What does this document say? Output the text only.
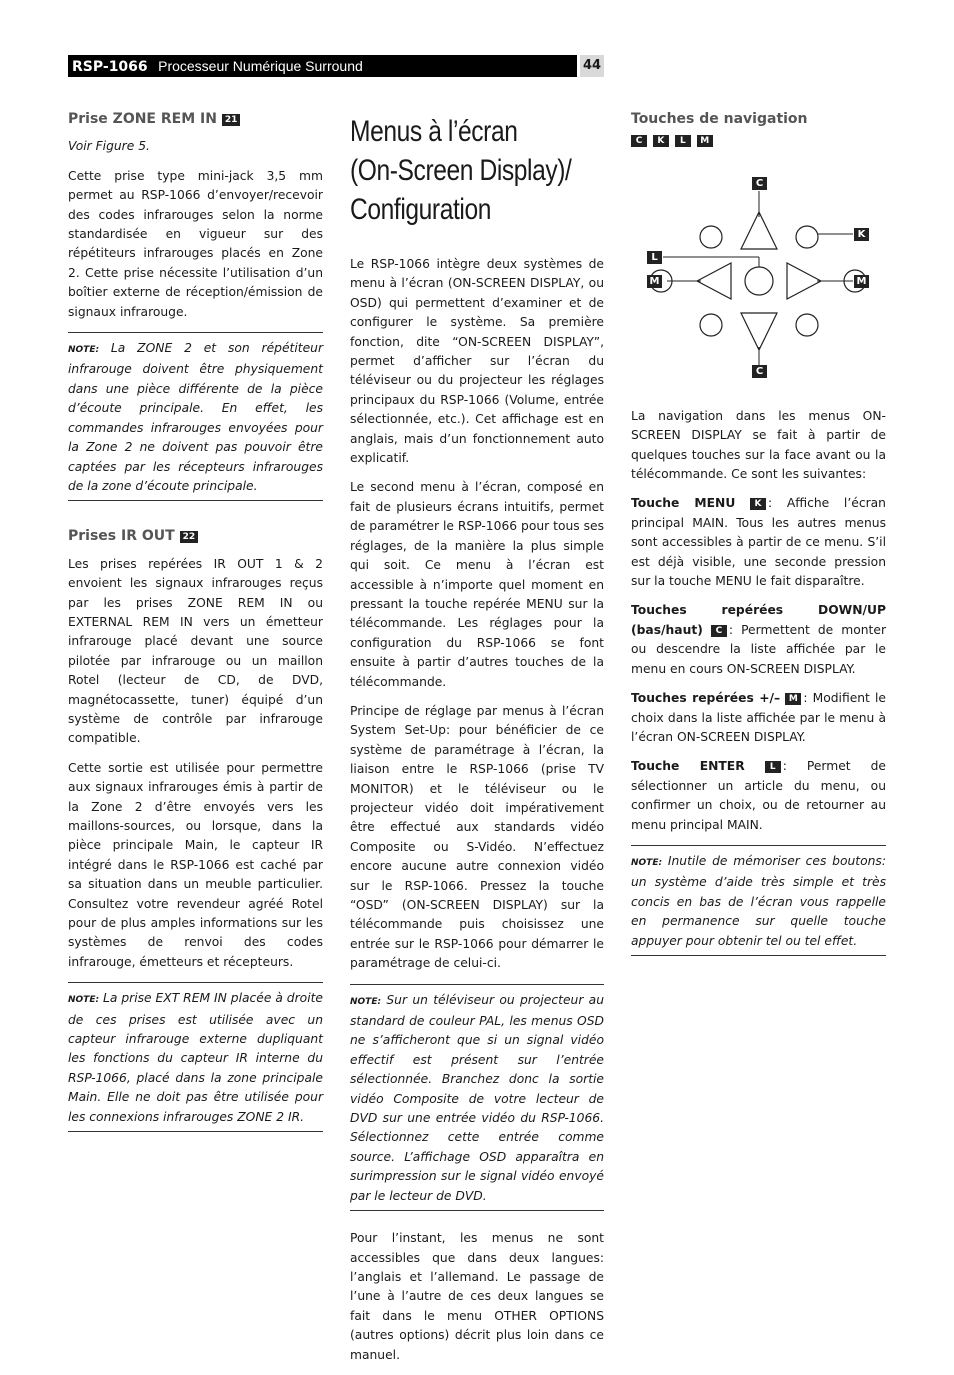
RSP-1066 Processeur Numérique Surround	44
Prise ZONE REM IN 21

Voir Figure 5.

Cette prise type mini-jack 3,5 mm permet au RSP-1066 d’envoyer/recevoir des codes infrarouges selon la norme standardisée en vigueur sur des répétiteurs infrarouges placés en Zone 2. Cette prise nécessite l’utilisation d’un boîtier externe de réception/émission de signaux infrarouge.

NOTE: La ZONE 2 et son répétiteur infrarouge doivent être physiquement dans une pièce différente de la pièce d’écoute principale. En effet, les commandes infrarouges envoyées pour la Zone 2 ne doivent pas pouvoir être captées par les récepteurs infrarouges de la zone d’écoute principale.
Prises IR OUT 22

Les prises repérées IR OUT 1 & 2 envoient les signaux infrarouges reçus par les prises ZONE REM IN ou EXTERNAL REM IN vers un émetteur infrarouge placé devant une source pilotée par infrarouge ou un maillon Rotel (lecteur de CD, de DVD, magnétocassette, tuner) équipé d’un système de contrôle par infrarouge compatible.

Cette sortie est utilisée pour permettre aux signaux infrarouges émis à partir de la Zone 2 d’être envoyés vers les maillons-sources, ou lorsque, dans la pièce principale Main, le capteur IR intégré dans le RSP-1066 est caché par sa situation dans un meuble particulier. Consultez votre revendeur agréé Rotel pour de plus amples informations sur les systèmes de renvoi des codes infrarouge, émetteurs et récepteurs.

NOTE: La prise EXT REM IN placée à droite de ces prises est utilisée avec un capteur infrarouge externe dupliquant les fonctions du capteur IR interne du RSP-1066, placé dans la zone principale Main. Elle ne doit pas être utilisée pour les connexions infrarouges ZONE 2 IR.
Menus à l’écran
(On-Screen Display)/
Configuration

Le RSP-1066 intègre deux systèmes de menu à l’écran (ON-SCREEN DISPLAY, ou OSD) qui permettent d’examiner et de configurer le système. Sa première fonction, dite “ON-SCREEN DISPLAY”, permet d’afficher sur l’écran du téléviseur ou du projecteur les réglages principaux du RSP-1066 (Volume, entrée sélectionnée, etc.). Cet affichage est en anglais, mais d’un fonctionnement auto explicatif.

Le second menu à l’écran, composé en fait de plusieurs écrans intuitifs, permet de paramétrer le RSP-1066 pour tous ses réglages, de la manière la plus simple qui soit. Ce menu à l’écran est accessible à n’importe quel moment en pressant la touche repérée MENU sur la télécommande. Les réglages pour la configuration du RSP-1066 se font ensuite à partir d’autres touches de la télécommande.

Principe de réglage par menus à l’écran System Set-Up: pour bénéficier de ce système de paramétrage à l’écran, la liaison entre le RSP-1066 (prise TV MONITOR) et le téléviseur ou le projecteur vidéo doit impérativement être effectué aux standards vidéo Composite ou S-Vidéo. N’effectuez encore aucune autre connexion vidéo sur le RSP-1066. Pressez la touche “OSD” (ON-SCREEN DISPLAY) sur la télécommande puis choisissez une entrée sur le RSP-1066 pour démarrer le paramétrage de celui-ci.

NOTE: Sur un téléviseur ou projecteur au standard de couleur PAL, les menus OSD ne s’afficheront que si un signal vidéo effectif est présent sur l’entrée sélectionnée. Branchez donc la sortie vidéo Composite de votre lecteur de DVD sur une entrée vidéo du RSP-1066. Sélectionnez cette entrée comme source. L’affichage OSD apparaîtra en surimpression sur le signal vidéo envoyé par le lecteur de DVD.

Pour l’instant, les menus ne sont accessibles que dans deux langues: l’anglais et l’allemand. Le passage de l’une à l’autre de ces deux langues se fait dans le menu OTHER OPTIONS (autres options) décrit plus loin dans ce manuel.

Touches de navigation
C K L M
C
K
L
M	M
C

La navigation dans les menus ON-SCREEN DISPLAY se fait à partir de quelques touches sur la face avant ou la télécommande. Ce sont les suivantes:

Touche MENU K : Affiche l’écran principal MAIN. Tous les autres menus sont accessibles à partir de ce menu. S’il est déjà visible, une seconde pression sur la touche MENU le fait disparaître.

Touches repérées DOWN/UP (bas/haut) C : Permettent de monter ou descendre la liste affichée par le menu en cours ON-SCREEN DISPLAY.

Touches repérées +/– M : Modifient le choix dans la liste affichée par le menu à l’écran ON-SCREEN DISPLAY.

Touche ENTER	L : Permet de sélectionner un article du menu, ou confirmer un choix, ou de retourner au menu principal MAIN.

NOTE: Inutile de mémoriser ces boutons: un système d’aide très simple et très concis en bas de l’écran vous rappelle en permanence sur quelle touche appuyer pour obtenir tel ou tel effet.
